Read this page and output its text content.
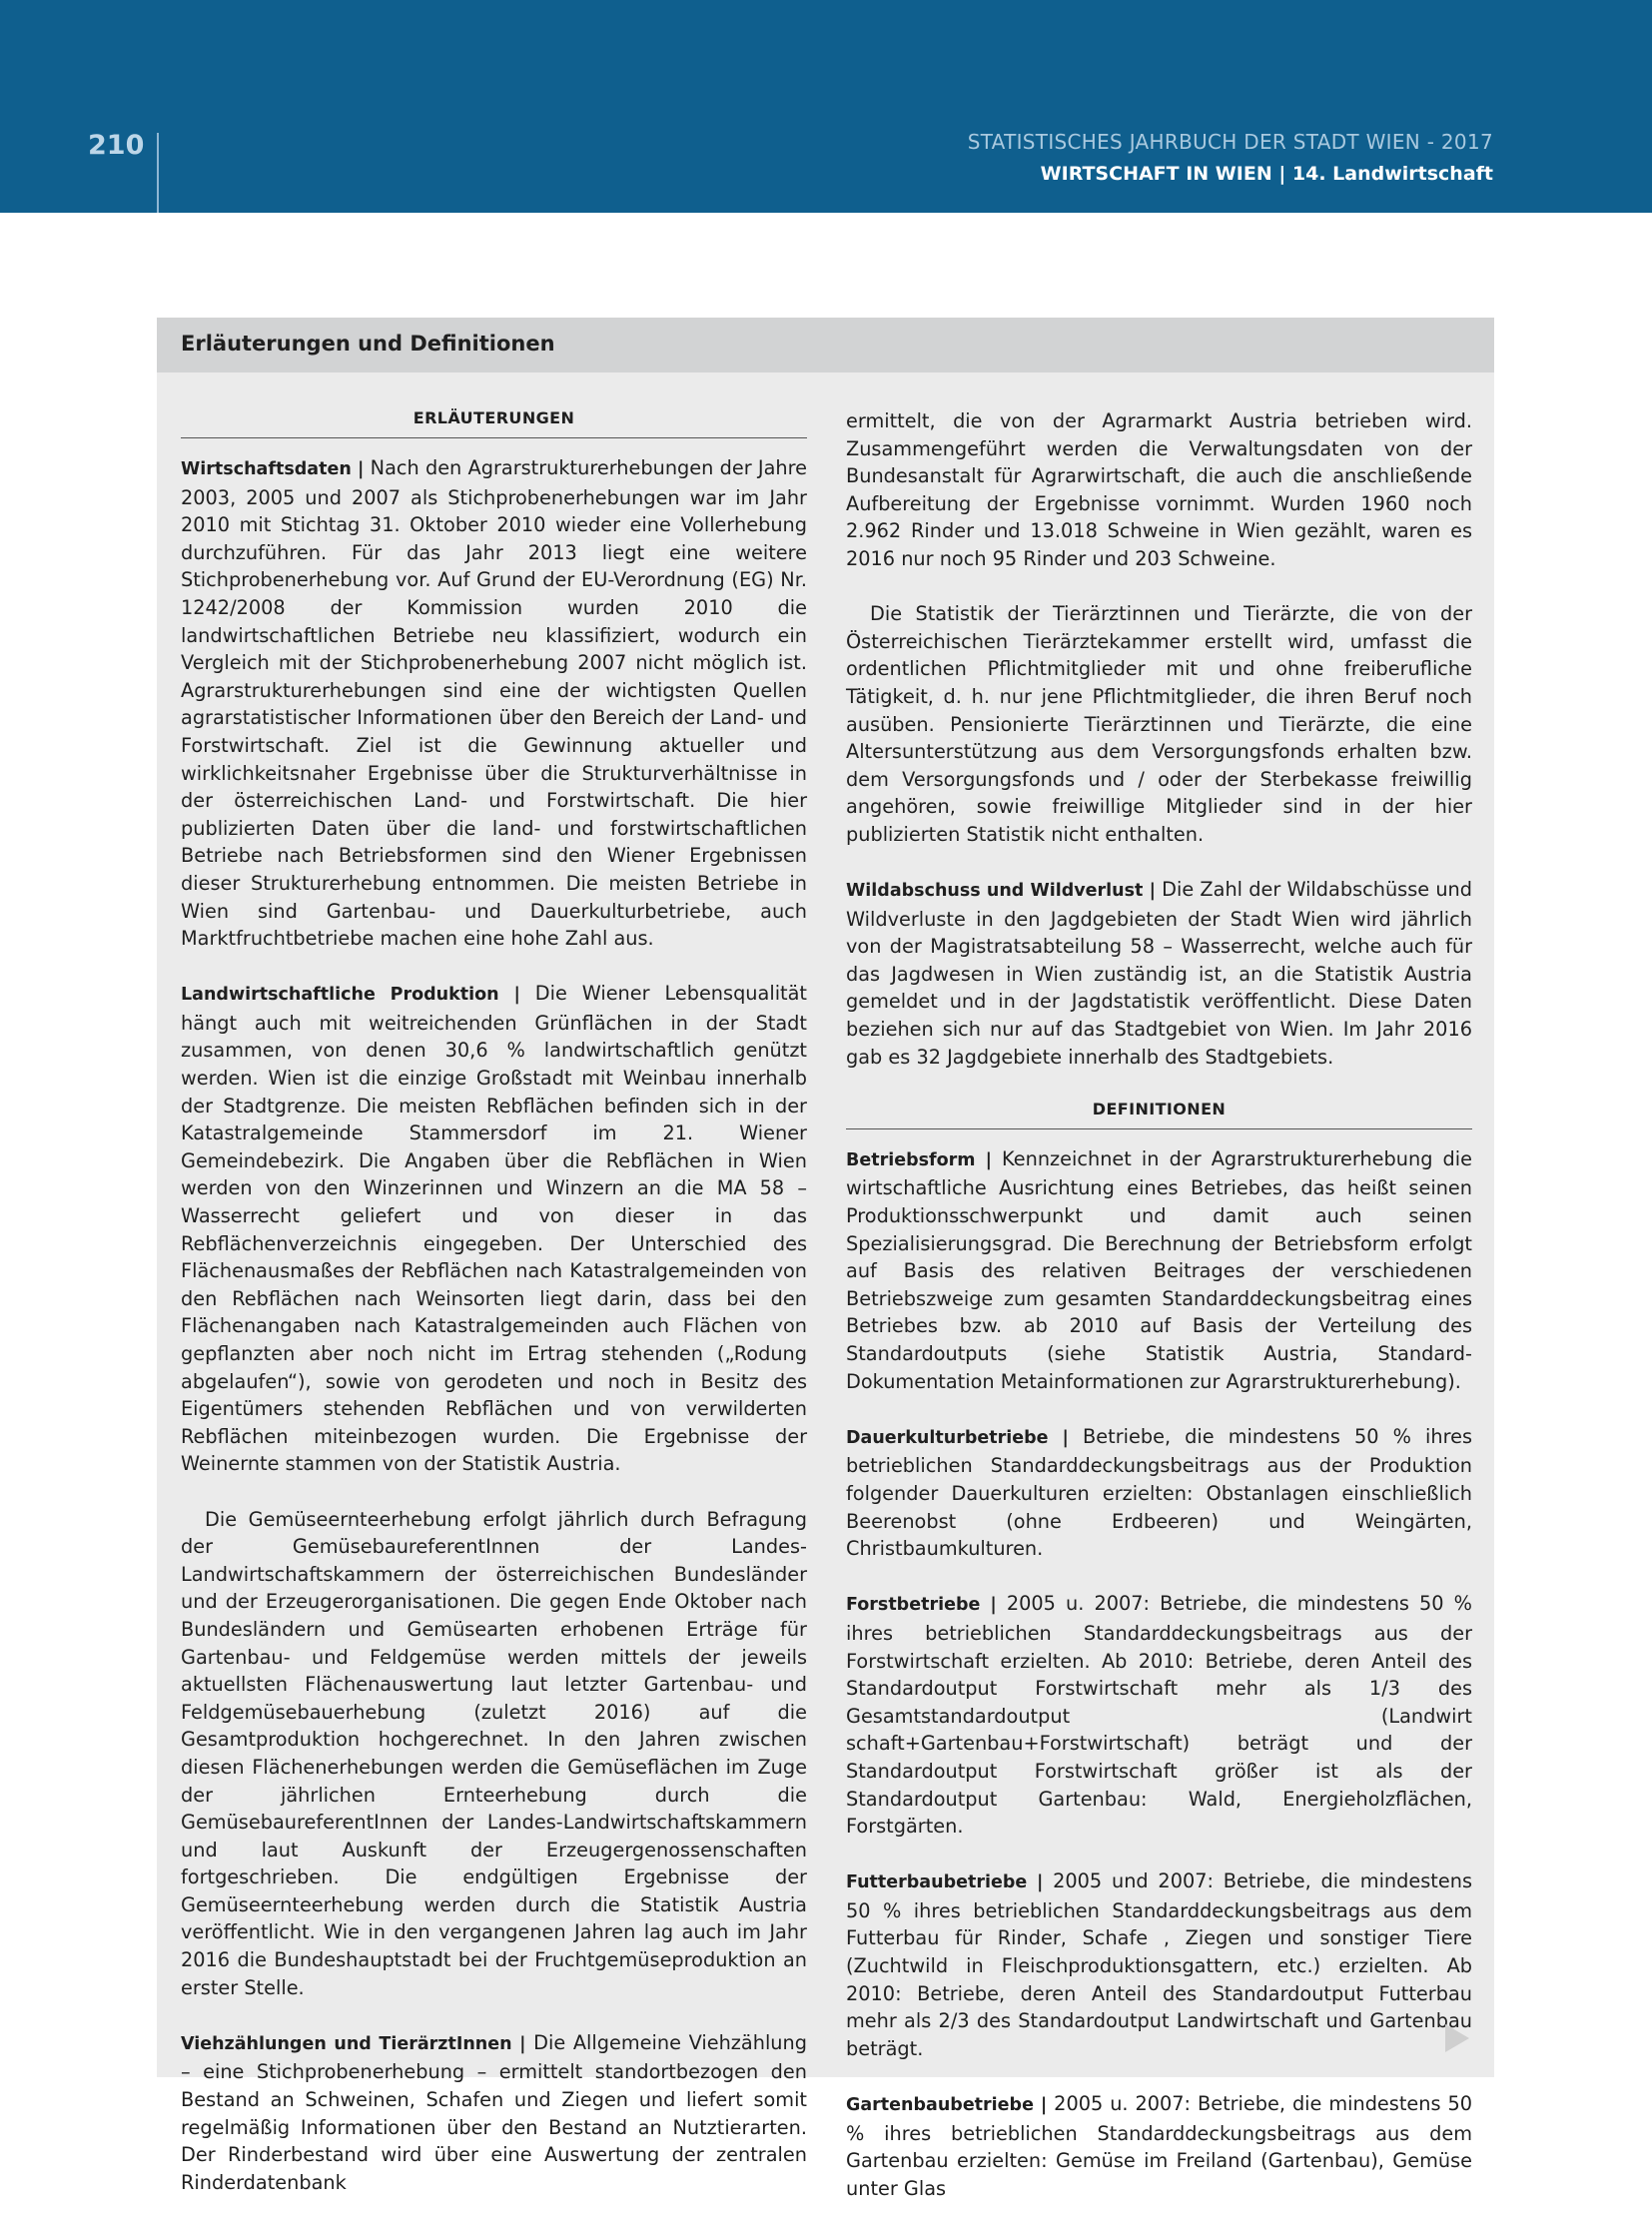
210	STATISTISCHES JAHRBUCH DER STADT WIEN - 2017
WIRTSCHAFT IN WIEN | 14. Landwirtschaft
Erläuterungen und Definitionen
ERLÄUTERUNGEN

Wirtschaftsdaten | Nach den Agrarstrukturerhebungen der Jahre 2003, 2005 und 2007 als Stichprobenerhebungen war im Jahr 2010 mit Stichtag 31. Oktober 2010 wieder eine Vollerhebung durchzuführen. Für das Jahr 2013 liegt eine weitere Stichprobenerhebung vor. Auf Grund der EU-Verordnung (EG) Nr. 1242/2008 der Kommission wurden 2010 die landwirtschaftlichen Betriebe neu klassifiziert, wodurch ein Vergleich mit der Stichprobenerhebung 2007 nicht möglich ist. Agrarstrukturerhebungen sind eine der wichtigsten Quellen agrarstatistischer Informationen über den Bereich der Land- und Forstwirtschaft. Ziel ist die Gewinnung aktueller und wirklichkeitsnaher Ergebnisse über die Strukturverhältnisse in der österreichischen Land- und Forstwirtschaft. Die hier publizierten Daten über die land- und forstwirtschaftlichen Betriebe nach Betriebsformen sind den Wiener Ergebnissen dieser Strukturerhebung entnommen. Die meisten Betriebe in Wien sind Gartenbau- und Dauerkulturbetriebe, auch Marktfruchtbetriebe machen eine hohe Zahl aus.

Landwirtschaftliche Produktion | Die Wiener Lebensqualität hängt auch mit weitreichenden Grünflächen in der Stadt zusammen, von denen 30,6 % landwirtschaftlich genützt werden. Wien ist die einzige Großstadt mit Weinbau innerhalb der Stadtgrenze. Die meisten Rebflächen befinden sich in der Katastralgemeinde Stammersdorf im 21. Wiener Gemeindebezirk. Die Angaben über die Rebflächen in Wien werden von den Winzerinnen und Winzern an die MA 58 – Wasserrecht geliefert und von dieser in das Rebflächenverzeichnis eingegeben. Der Unterschied des Flächenausmaßes der Rebflächen nach Katastralgemeinden von den Rebflächen nach Weinsorten liegt darin, dass bei den Flächenangaben nach Katastralgemeinden auch Flächen von gepflanzten aber noch nicht im Ertrag stehenden („Rodung abgelaufen“), sowie von gerodeten und noch in Besitz des Eigentümers stehenden Rebflächen und von verwilderten Rebflächen miteinbezogen wurden. Die Ergebnisse der Weinernte stammen von der Statistik Austria.

Die Gemüseernteerhebung erfolgt jährlich durch Befragung der GemüsebaureferentInnen der Landes-Landwirtschaftskammern der österreichischen Bundesländer und der Erzeugerorganisationen. Die gegen Ende Oktober nach Bundesländern und Gemüsearten erhobenen Erträge für Gartenbau- und Feldgemüse werden mittels der jeweils aktuellsten Flächenauswertung laut letzter Gartenbau- und Feldgemüsebauerhebung (zuletzt 2016) auf die Gesamtproduktion hochgerechnet. In den Jahren zwischen diesen Flächenerhebungen werden die Gemüseflächen im Zuge der jährlichen Ernteerhebung durch die GemüsebaureferentInnen der Landes-Landwirtschaftskammern und laut Auskunft der Erzeugergenossenschaften fortgeschrieben. Die endgültigen Ergebnisse der Gemüseernteerhebung werden durch die Statistik Austria veröffentlicht. Wie in den vergangenen Jahren lag auch im Jahr 2016 die Bundeshauptstadt bei der Fruchtgemüseproduktion an erster Stelle.

Viehzählungen und TierärztInnen | Die Allgemeine Viehzählung – eine Stichprobenerhebung – ermittelt standortbezogen den Bestand an Schweinen, Schafen und Ziegen und liefert somit regelmäßig Informationen über den Bestand an Nutztierarten. Der Rinderbestand wird über eine Auswertung der zentralen Rinderdatenbank

ermittelt, die von der Agrarmarkt Austria betrieben wird. Zusammengeführt werden die Verwaltungsdaten von der Bundesanstalt für Agrarwirtschaft, die auch die anschließende Aufbereitung der Ergebnisse vornimmt. Wurden 1960 noch 2.962 Rinder und 13.018 Schweine in Wien gezählt, waren es 2016 nur noch 95 Rinder und 203 Schweine.

Die Statistik der Tierärztinnen und Tierärzte, die von der Österreichischen Tierärztekammer erstellt wird, umfasst die ordentlichen Pflichtmitglieder mit und ohne freiberufliche Tätigkeit, d. h. nur jene Pflichtmitglieder, die ihren Beruf noch ausüben. Pensionierte Tierärztinnen und Tierärzte, die eine Altersunterstützung aus dem Versorgungsfonds erhalten bzw. dem Versorgungsfonds und / oder der Sterbekasse freiwillig angehören, sowie freiwillige Mitglieder sind in der hier publizierten Statistik nicht enthalten.

Wildabschuss und Wildverlust | Die Zahl der Wildabschüsse und Wildverluste in den Jagdgebieten der Stadt Wien wird jährlich von der Magistratsabteilung 58 – Wasserrecht, welche auch für das Jagdwesen in Wien zuständig ist, an die Statistik Austria gemeldet und in der Jagdstatistik veröffentlicht. Diese Daten beziehen sich nur auf das Stadtgebiet von Wien. Im Jahr 2016 gab es 32 Jagdgebiete innerhalb des Stadtgebiets.

DEFINITIONEN

Betriebsform | Kennzeichnet in der Agrarstrukturerhebung die wirtschaftliche Ausrichtung eines Betriebes, das heißt seinen Produktionsschwerpunkt und damit auch seinen Spezialisierungsgrad. Die Berechnung der Betriebsform erfolgt auf Basis des relativen Beitrages der verschiedenen Betriebszweige zum gesamten Standarddeckungsbeitrag eines Betriebes bzw. ab 2010 auf Basis der Verteilung des Standardoutputs (siehe Statistik Austria, Standard-Dokumentation Metainformationen zur Agrarstrukturerhebung).

Dauerkulturbetriebe | Betriebe, die mindestens 50 % ihres betrieblichen Standarddeckungsbeitrags aus der Produktion folgender Dauerkulturen erzielten: Obstanlagen einschließlich Beerenobst (ohne Erdbeeren) und Weingärten, Christbaumkulturen.

Forstbetriebe | 2005 u. 2007: Betriebe, die mindestens 50 % ihres betrieblichen Standarddeckungsbeitrags aus der Forstwirtschaft erzielten. Ab 2010: Betriebe, deren Anteil des Standardoutput Forstwirtschaft mehr als 1/3 des Gesamtstandardoutput (Landwirt schaft+Gartenbau+Forstwirtschaft) beträgt und der Standardoutput Forstwirtschaft größer ist als der Standardoutput Gartenbau: Wald, Energieholzflächen, Forstgärten.

Futterbaubetriebe | 2005 und 2007: Betriebe, die mindestens 50 % ihres betrieblichen Standarddeckungsbeitrags aus dem Futterbau für Rinder, Schafe , Ziegen und sonstiger Tiere (Zuchtwild in Fleischproduktionsgattern, etc.) erzielten. Ab 2010: Betriebe, deren Anteil des Standardoutput Futterbau mehr als 2/3 des Standardoutput Landwirtschaft und Gartenbau beträgt.

Gartenbaubetriebe | 2005 u. 2007: Betriebe, die mindestens 50 % ihres betrieblichen Standarddeckungsbeitrags aus dem Gartenbau erzielten: Gemüse im Freiland (Gartenbau), Gemüse unter Glas
